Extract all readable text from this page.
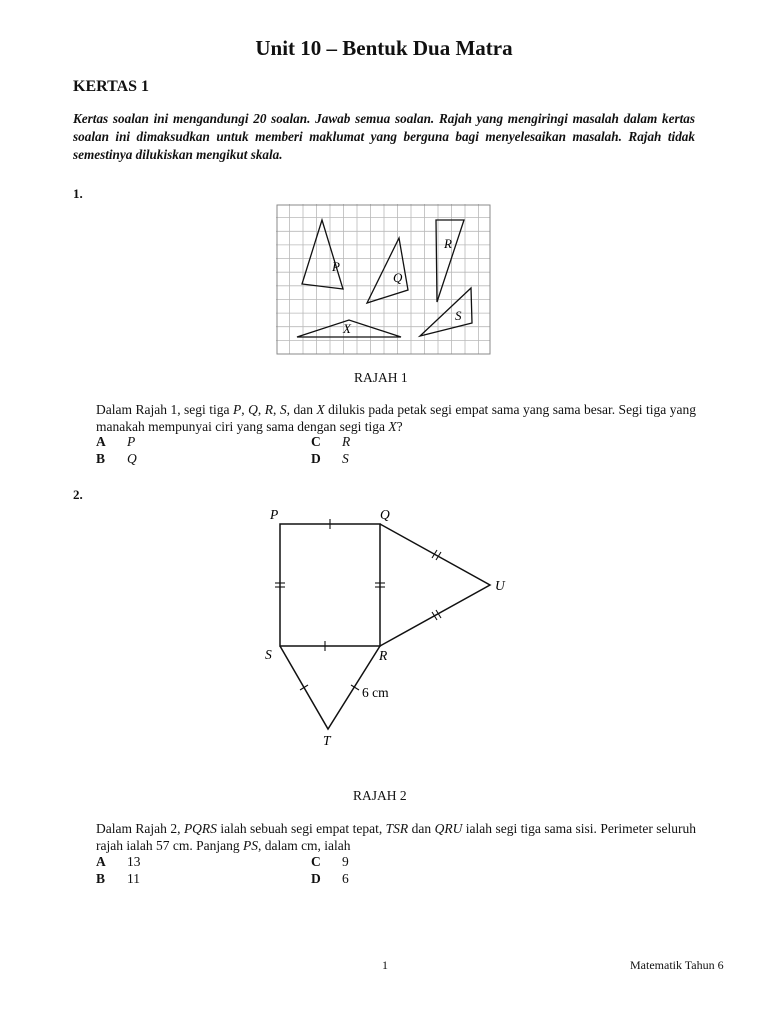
Unit 10 – Bentuk Dua Matra
KERTAS 1
Kertas soalan ini mengandungi 20 soalan. Jawab semua soalan. Rajah yang mengiringi masalah dalam kertas soalan ini dimaksudkan untuk memberi maklumat yang berguna bagi menyelesaikan masalah. Rajah tidak semestinya dilukiskan mengikut skala.
1.
P
Q
R
S
X
RAJAH 1
Dalam Rajah 1, segi tiga P, Q, R, S, dan X dilukis pada petak segi empat sama yang sama besar. Segi tiga yang manakah mempunyai ciri yang sama dengan segi tiga X?
A P
B Q
C R
D S
2.
P	Q
U
S	R
T
6 cm
RAJAH 2
Dalam Rajah 2, PQRS ialah sebuah segi empat tepat, TSR dan QRU ialah segi tiga sama sisi. Perimeter seluruh rajah ialah 57 cm. Panjang PS, dalam cm, ialah
A 13
B 11
C 9
D 6
1	Matematik Tahun 6
